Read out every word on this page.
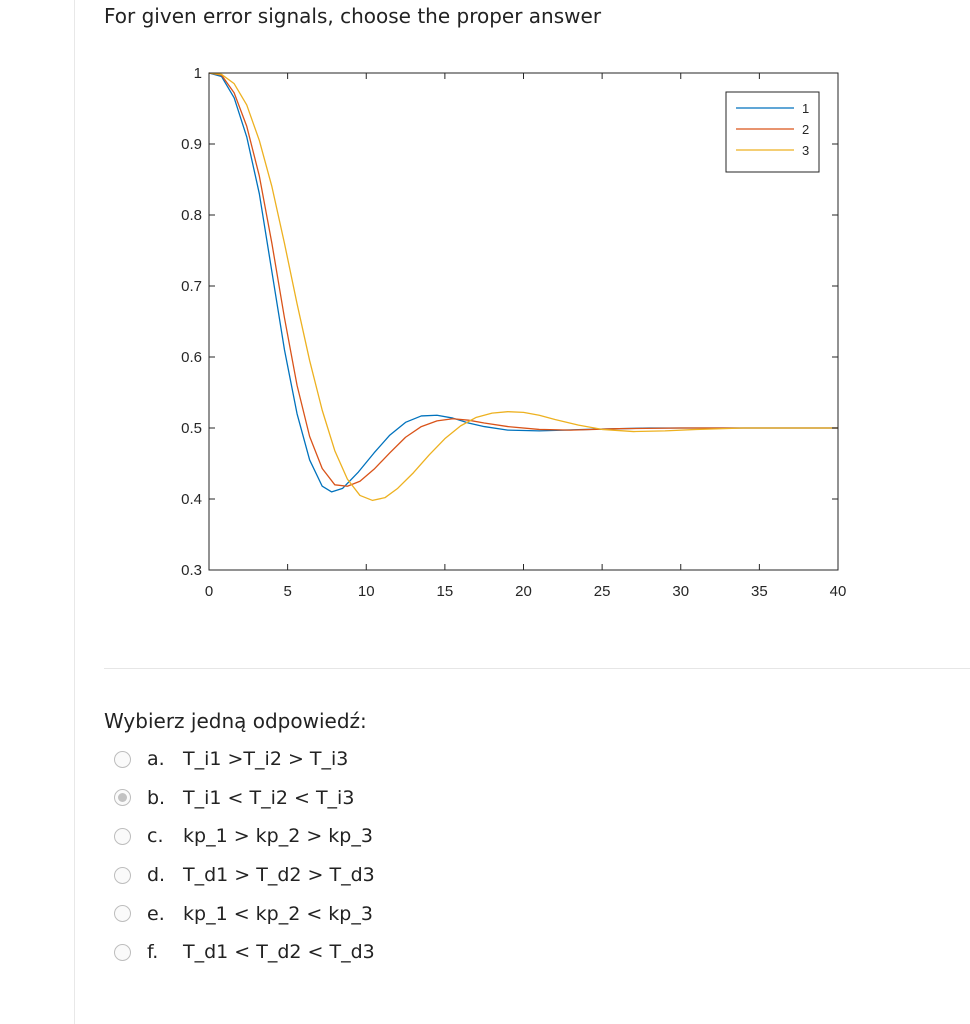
For given error signals, choose the proper answer
0	5	10	15	20	25	30	35	40
0.3
0.4
0.5
0.6
0.7
0.8
0.9
1
1
2
3
Wybierz jedną odpowiedź:
a. T_i1 >T_i2 > T_i3
b. T_i1 < T_i2 < T_i3
c.	kp_1 > kp_2 > kp_3
d. T_d1 > T_d2 > T_d3
e. kp_1 < kp_2 < kp_3
f.	T_d1 < T_d2 < T_d3
